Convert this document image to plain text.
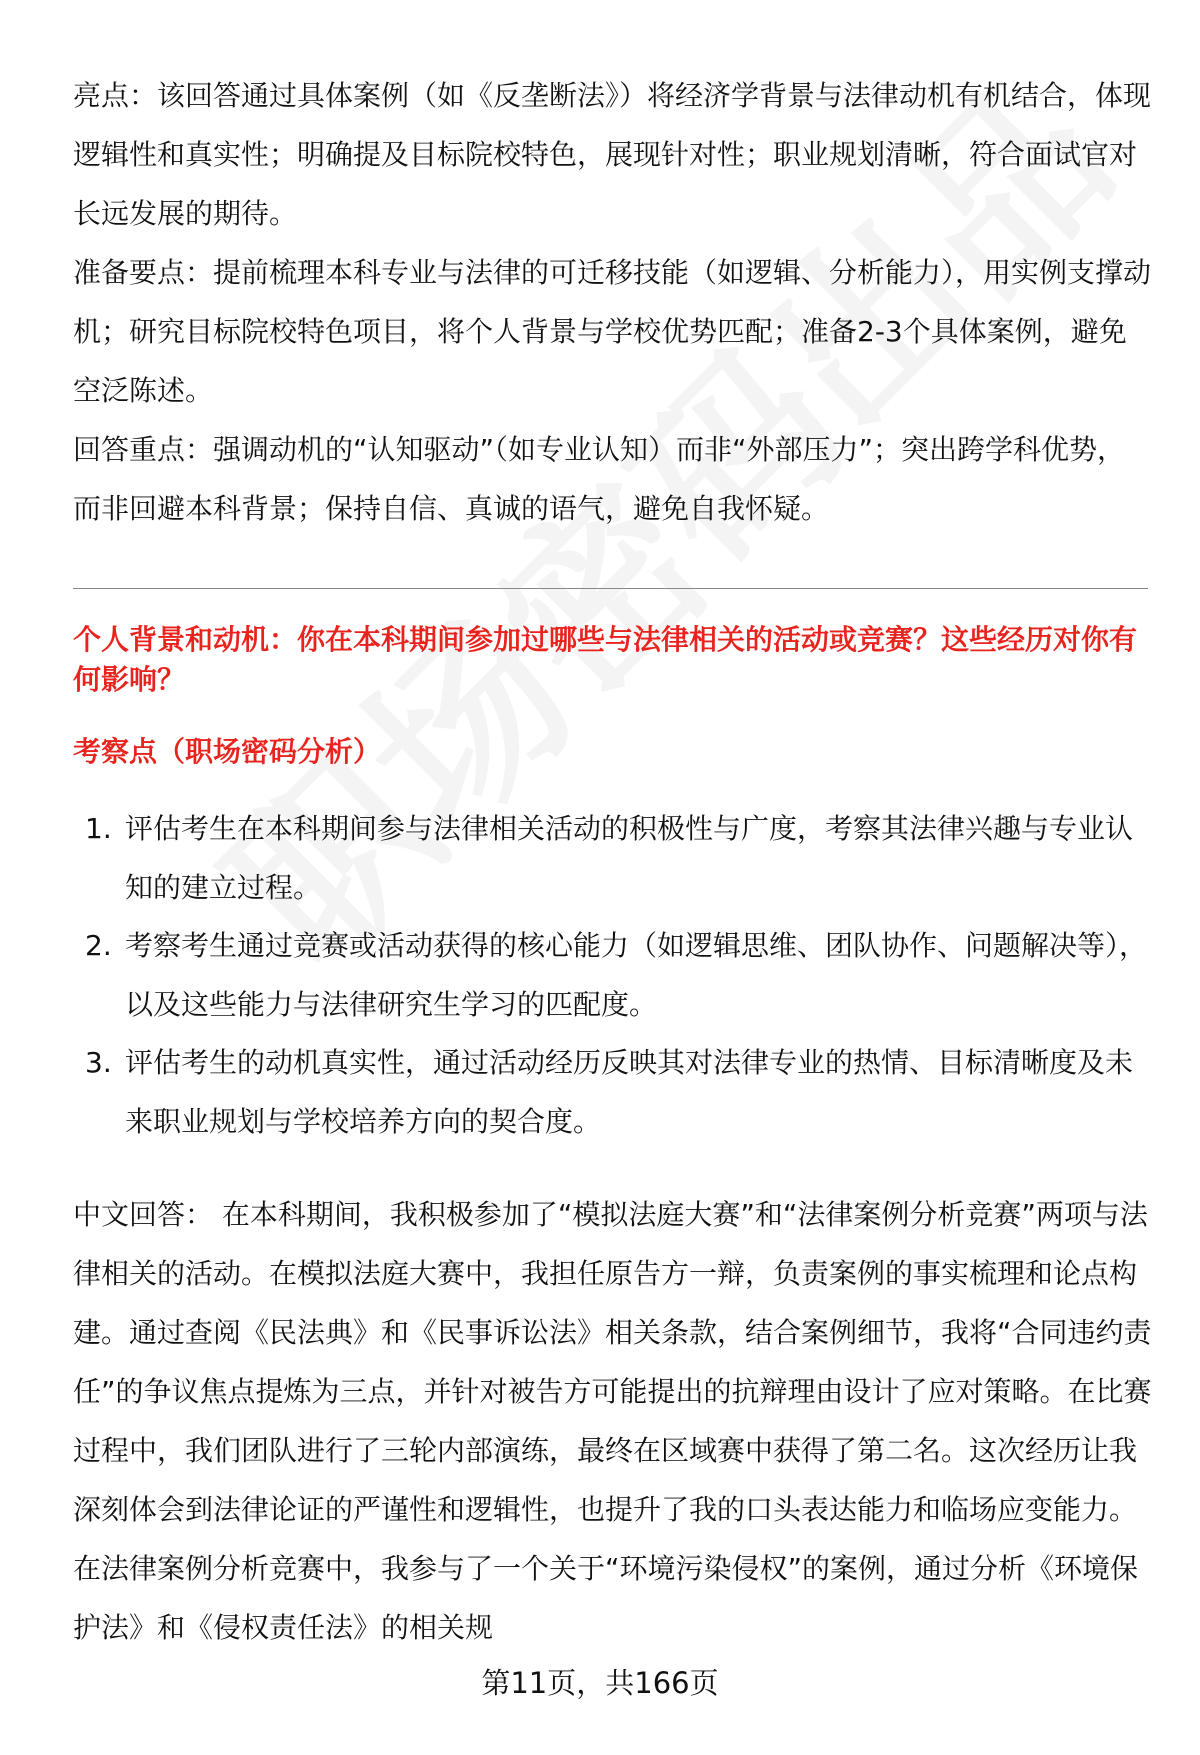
亮点：该回答通过具体案例（如《反垄断法》）将经济学背景与法律动机有机结合，体现逻辑性和真实性；明确提及目标院校特色，展现针对性；职业规划清晰，符合面试官对长远发展的期待。

准备要点：提前梳理本科专业与法律的可迁移技能（如逻辑、分析能力），用实例支撑动机；研究目标院校特色项目，将个人背景与学校优势匹配；准备2-3个具体案例，避免空泛陈述。

回答重点：强调动机的“认知驱动”（如专业认知）而非“外部压力”；突出跨学科优势，而非回避本科背景；保持自信、真诚的语气，避免自我怀疑。

个人背景和动机：你在本科期间参加过哪些与法律相关的活动或竞赛？这些经历对你有何影响？
考察点（职场密码分析）
1. 评估考生在本科期间参与法律相关活动的积极性与广度，考察其法律兴趣与专业认知的建立过程。
2. 考察考生通过竞赛或活动获得的核心能力（如逻辑思维、团队协作、问题解决等），以及这些能力与法律研究生学习的匹配度。
3. 评估考生的动机真实性，通过活动经历反映其对法律专业的热情、目标清晰度及未来职业规划与学校培养方向的契合度。

中文回答： 在本科期间，我积极参加了“模拟法庭大赛”和“法律案例分析竞赛”两项与法律相关的活动。在模拟法庭大赛中，我担任原告方一辩，负责案例的事实梳理和论点构建。通过查阅《民法典》和《民事诉讼法》相关条款，结合案例细节，我将“合同违约责任”的争议焦点提炼为三点，并针对被告方可能提出的抗辩理由设计了应对策略。在比赛过程中，我们团队进行了三轮内部演练，最终在区域赛中获得了第二名。这次经历让我深刻体会到法律论证的严谨性和逻辑性，也提升了我的口头表达能力和临场应变能力。在法律案例分析竞赛中，我参与了一个关于“环境污染侵权”的案例，通过分析《环境保护法》和《侵权责任法》的相关规

第11页，共166页
